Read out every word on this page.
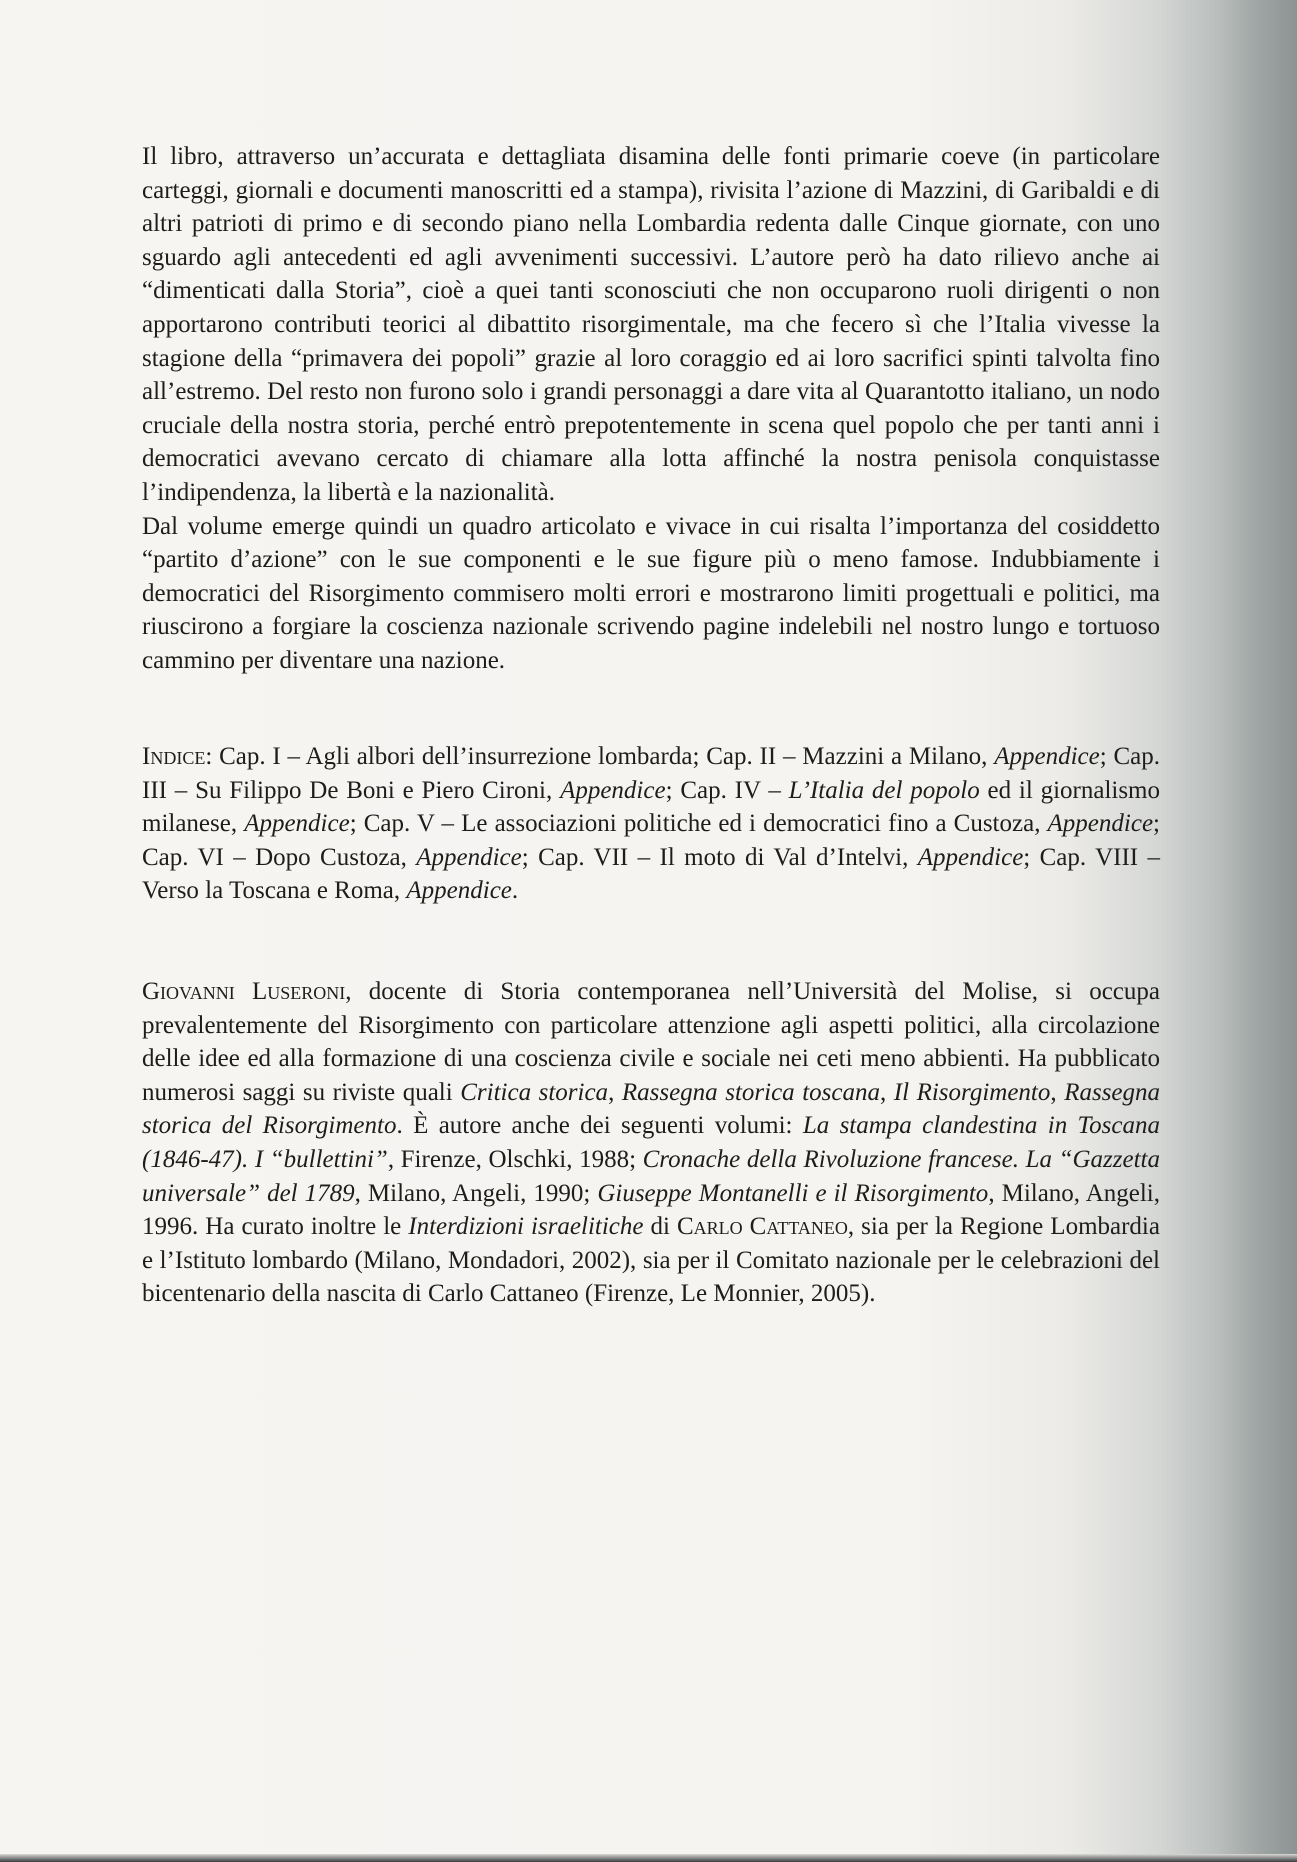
Il libro, attraverso un’accurata e dettagliata disamina delle fonti primarie coeve (in particolare carteggi, giornali e documenti manoscritti ed a stampa), rivisita l’azione di Mazzini, di Garibaldi e di altri patrioti di primo e di secondo piano nella Lombardia redenta dalle Cinque giornate, con uno sguardo agli antecedenti ed agli avvenimenti successivi. L’autore però ha dato rilievo anche ai “dimenticati dalla Storia”, cioè a quei tanti sconosciuti che non occuparono ruoli dirigenti o non apportarono contributi teorici al dibattito risorgimentale, ma che fecero sì che l’Italia vivesse la stagione della “primavera dei popoli” grazie al loro coraggio ed ai loro sacrifici spinti talvolta fino all’estremo. Del resto non furono solo i grandi personaggi a dare vita al Quarantotto italiano, un nodo cruciale della nostra storia, perché entrò prepotentemente in scena quel popolo che per tanti anni i democratici avevano cercato di chiamare alla lotta affinché la nostra penisola conquistasse l’indipendenza, la libertà e la nazionalità.

Dal volume emerge quindi un quadro articolato e vivace in cui risalta l’importanza del cosiddetto “partito d’azione” con le sue componenti e le sue figure più o meno famose. Indubbiamente i democratici del Risorgimento commisero molti errori e mostrarono limiti progettuali e politici, ma riuscirono a forgiare la coscienza nazionale scrivendo pagine indelebili nel nostro lungo e tortuoso cammino per diventare una nazione.

Indice: Cap. I – Agli albori dell’insurrezione lombarda; Cap. II – Mazzini a Milano, Appendice; Cap. III – Su Filippo De Boni e Piero Cironi, Appendice; Cap. IV – L’Italia del popolo ed il giornalismo milanese, Appendice; Cap. V – Le associazioni politiche ed i democratici fino a Custoza, Appendice; Cap. VI – Dopo Custoza, Appendice; Cap. VII – Il moto di Val d’Intelvi, Appendice; Cap. VIII – Verso la Toscana e Roma, Appendice.

Giovanni Luseroni, docente di Storia contemporanea nell’Università del Molise, si occupa prevalentemente del Risorgimento con particolare attenzione agli aspetti politici, alla circolazione delle idee ed alla formazione di una coscienza civile e sociale nei ceti meno abbienti. Ha pubblicato numerosi saggi su riviste quali Critica storica, Rassegna storica toscana, Il Risorgimento, Rassegna storica del Risorgimento. È autore anche dei seguenti volumi: La stampa clandestina in Toscana (1846-47). I “bullettini”, Firenze, Olschki, 1988; Cronache della Rivoluzione francese. La “Gazzetta universale” del 1789, Milano, Angeli, 1990; Giuseppe Montanelli e il Risorgimento, Milano, Angeli, 1996. Ha curato inoltre le Interdizioni israelitiche di Carlo Cattaneo, sia per la Regione Lombardia e l’Istituto lombardo (Milano, Mondadori, 2002), sia per il Comitato nazionale per le celebrazioni del bicentenario della nascita di Carlo Cattaneo (Firenze, Le Monnier, 2005).
